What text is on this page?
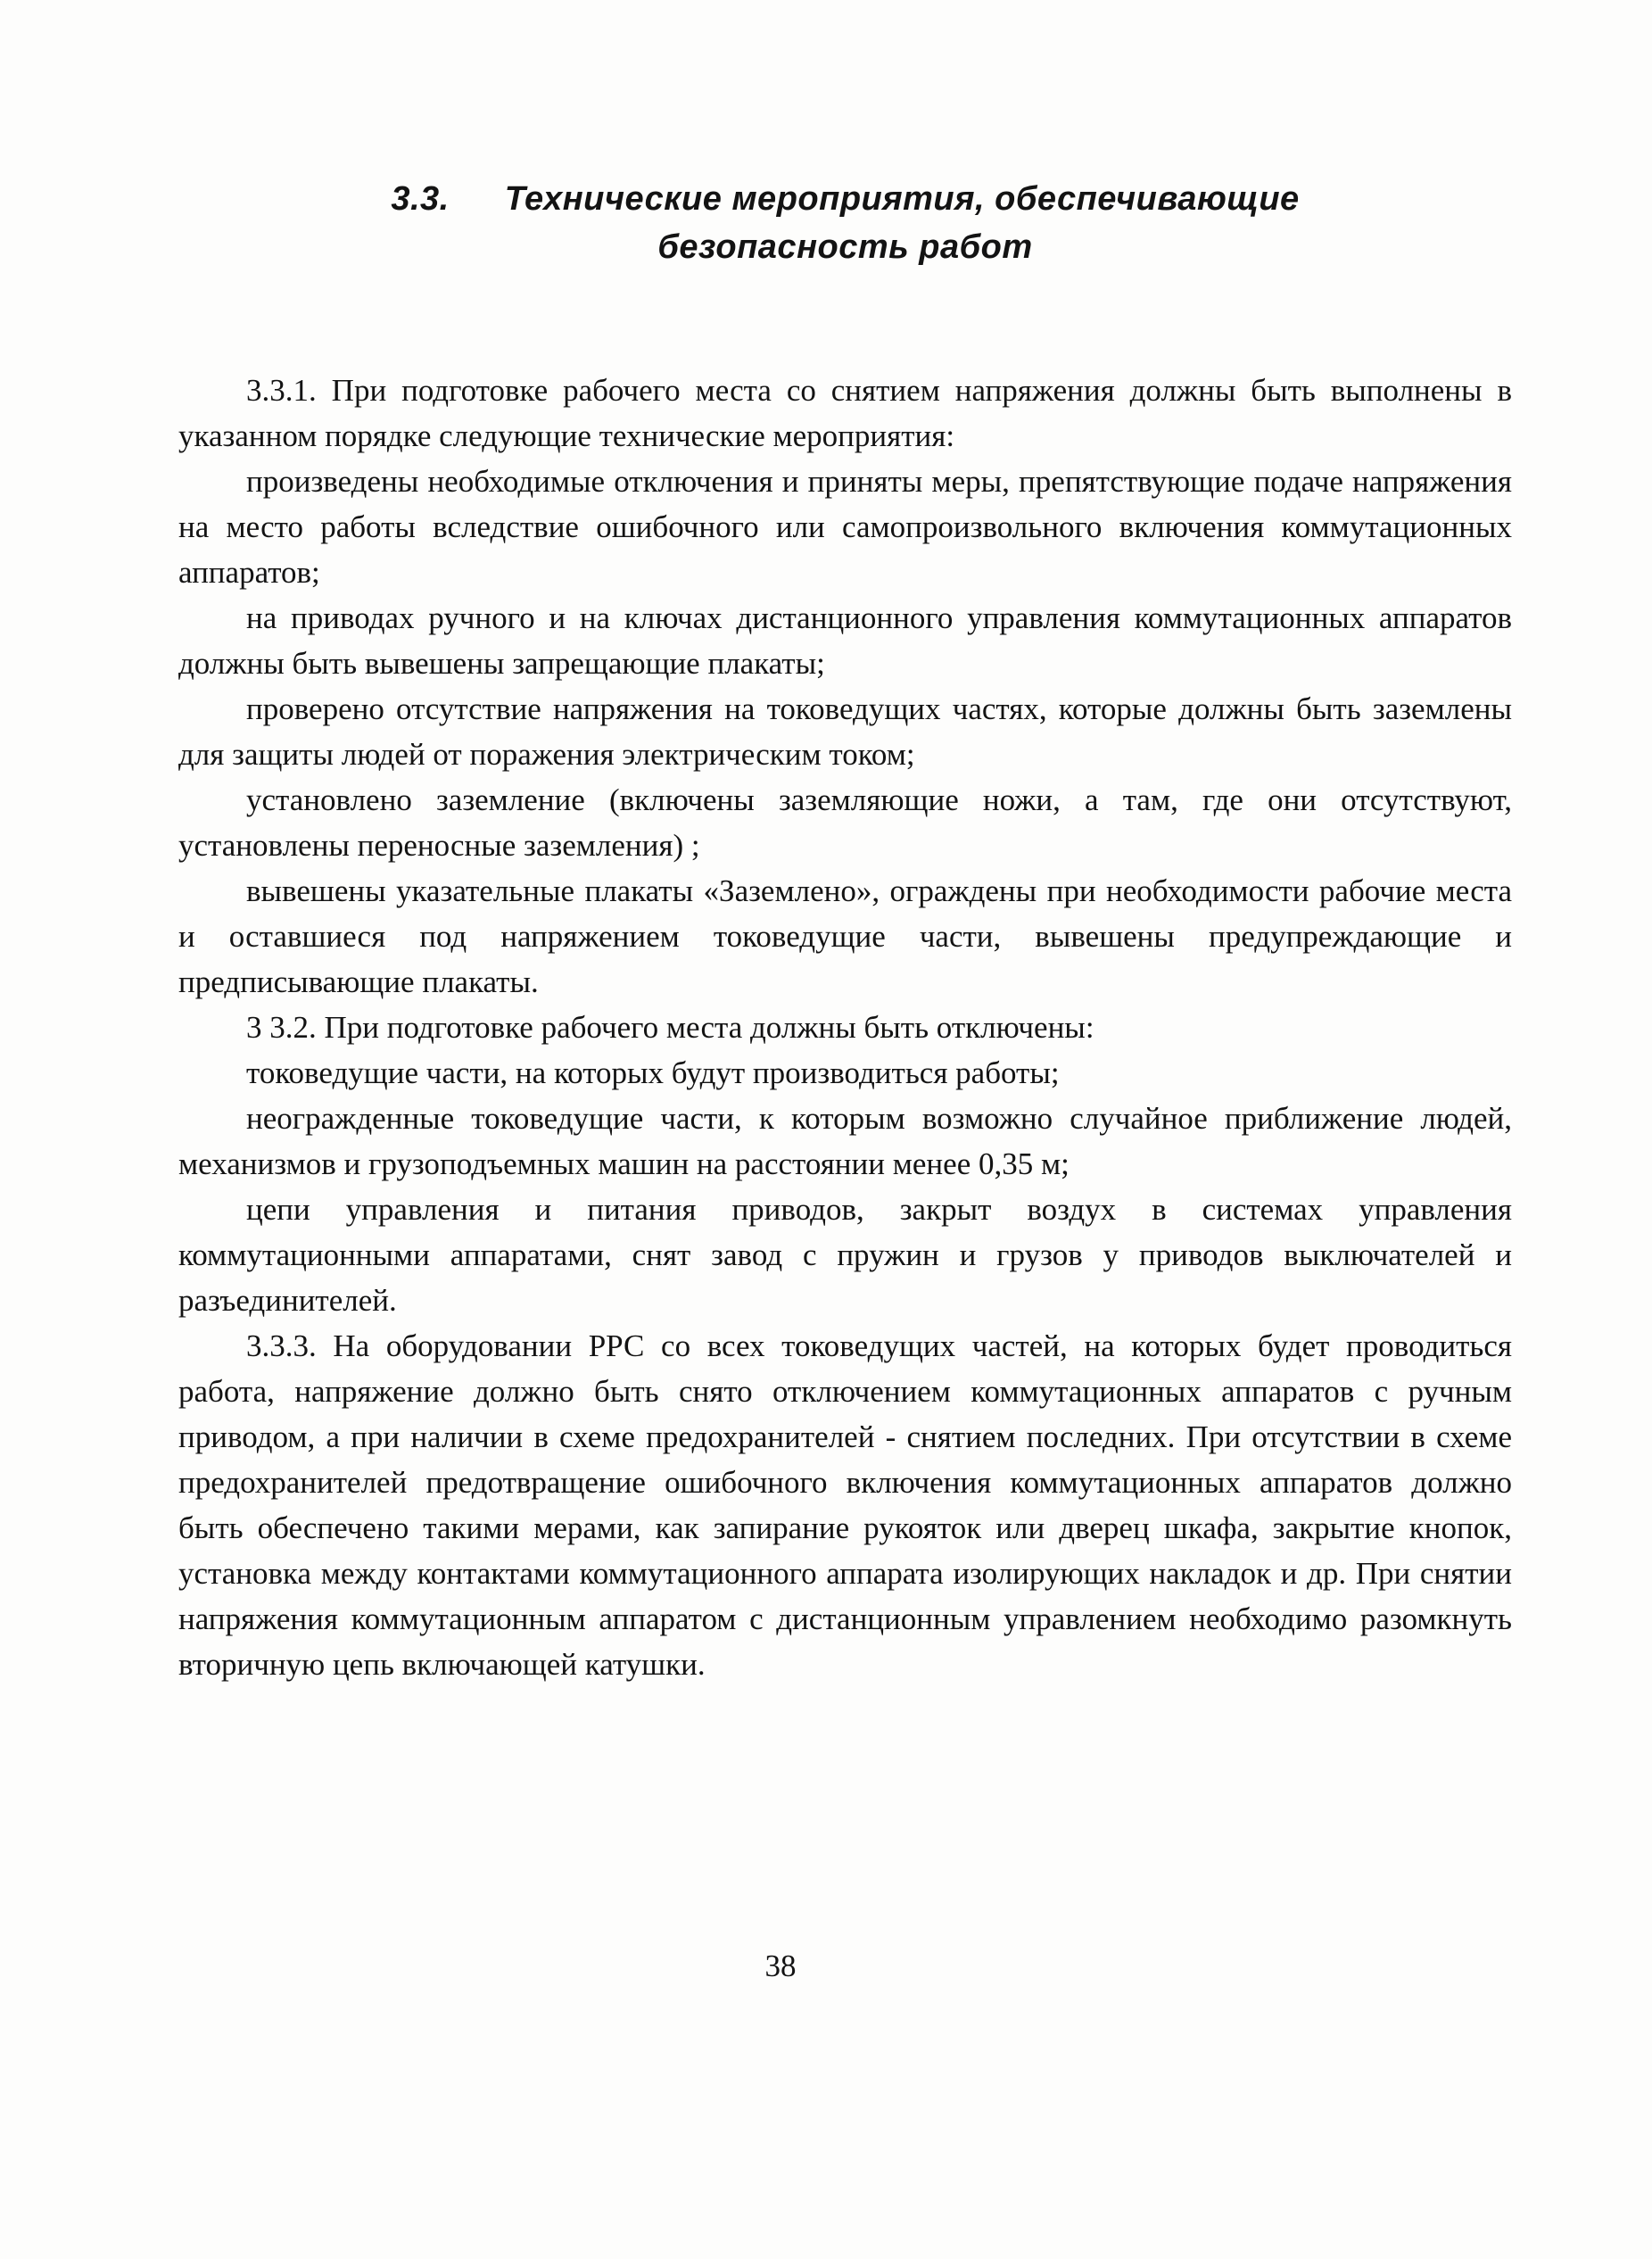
3.3. Технические мероприятия, обеспечивающие
безопасность работ

3.3.1. При подготовке рабочего места со снятием напряжения должны быть выполнены в указанном порядке следующие технические мероприятия:

произведены необходимые отключения и приняты меры, препятствующие подаче напряжения на место работы вследствие ошибочного или самопроизвольного включения коммутационных аппаратов;

на приводах ручного и на ключах дистанционного управления коммутационных аппаратов должны быть вывешены запрещающие плакаты;

проверено отсутствие напряжения на токоведущих частях, которые должны быть заземлены для защиты людей от поражения электрическим током;

установлено заземление (включены заземляющие ножи, а там, где они отсутствуют, установлены переносные заземления) ;

вывешены указательные плакаты «Заземлено», ограждены при необходимости рабочие места и оставшиеся под напряжением токоведущие части, вывешены предупреждающие и предписывающие плакаты.

3 3.2. При подготовке рабочего места должны быть отключены:

токоведущие части, на которых будут производиться работы;

неогражденные токоведущие части, к которым возможно случайное приближение людей, механизмов и грузоподъемных машин на расстоянии менее 0,35 м;

цепи управления и питания приводов, закрыт воздух в системах управления коммутационными аппаратами, снят завод с пружин и грузов у приводов выключателей и разъединителей.

3.3.3. На оборудовании РРС со всех токоведущих частей, на которых будет проводиться работа, напряжение должно быть снято отключением коммутационных аппаратов с ручным приводом, а при наличии в схеме предохранителей - снятием последних. При отсутствии в схеме предохранителей предотвращение ошибочного включения коммутационных аппаратов должно быть обеспечено такими мерами, как запирание рукояток или дверец шкафа, закрытие кнопок, установка между контактами коммутационного аппарата изолирующих накладок и др. При снятии напряжения коммутационным аппаратом с дистанционным управлением необходимо разомкнуть вторичную цепь включающей катушки.

38
